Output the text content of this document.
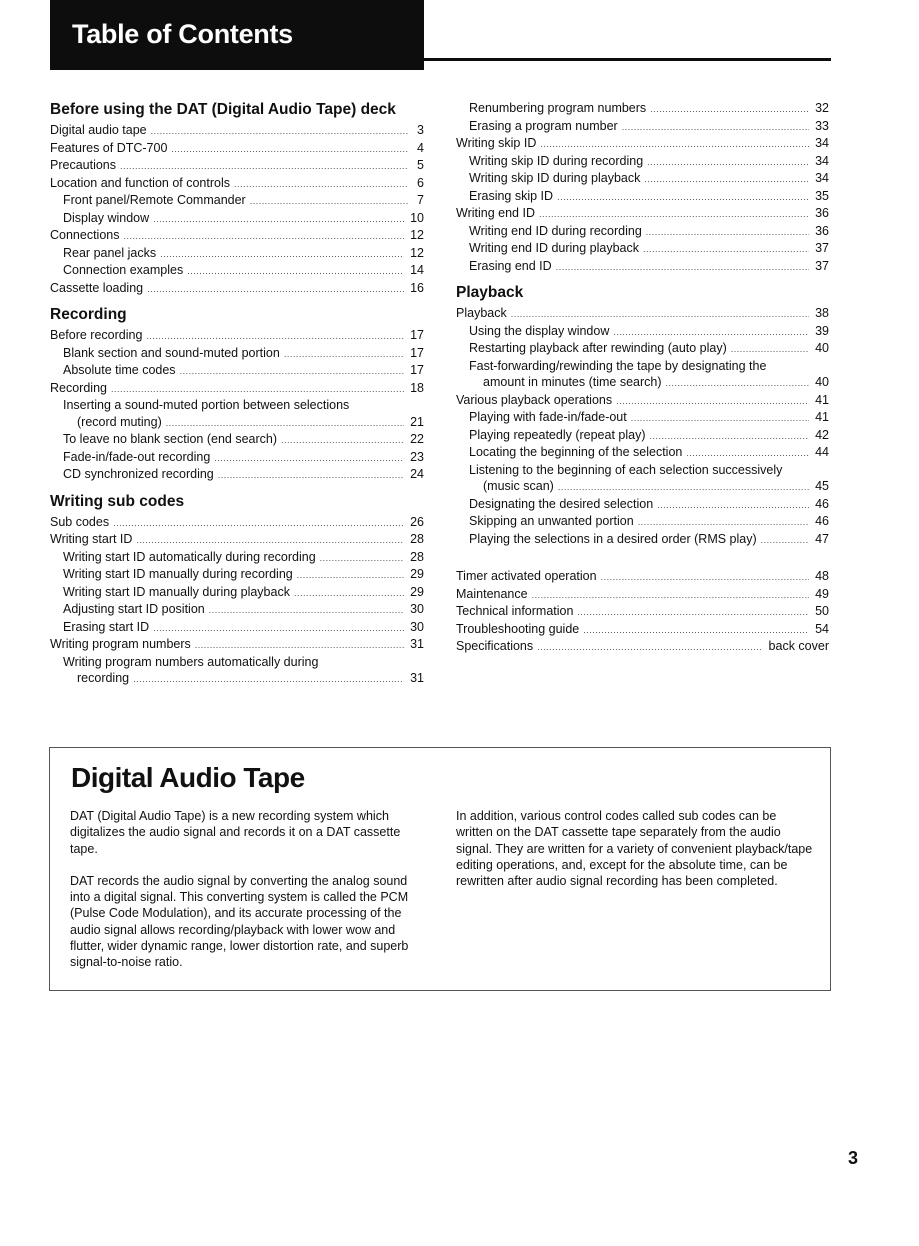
Table of Contents
Before using the DAT (Digital Audio Tape) deck
Digital audio tape .....	3
Features of DTC-700 .....	4
Precautions .....	5
Location and function of controls .....	6
Front panel/Remote Commander .....	7
Display window .....	10
Connections .....	12
Rear panel jacks .....	12
Connection examples .....	14
Cassette loading .....	16
Recording
Before recording .....	17
Blank section and sound-muted portion .....	17
Absolute time codes .....	17
Recording .....	18
Inserting a sound-muted portion between selections
(record muting) .....	21
To leave no blank section (end search) .....	22
Fade-in/fade-out recording .....	23
CD synchronized recording .....	24
Writing sub codes
Sub codes .....	26
Writing start ID .....	28
Writing start ID automatically during recording .....	28
Writing start ID manually during recording .....	29
Writing start ID manually during playback .....	29
Adjusting start ID position .....	30
Erasing start ID .....	30
Writing program numbers .....	31
Writing program numbers automatically during
recording .....	31
Renumbering program numbers .....	32
Erasing a program number .....	33
Writing skip ID .....	34
Writing skip ID during recording .....	34
Writing skip ID during playback .....	34
Erasing skip ID .....	35
Writing end ID .....	36
Writing end ID during recording .....	36
Writing end ID during playback .....	37
Erasing end ID .....	37
Playback
Playback .....	38
Using the display window .....	39
Restarting playback after rewinding (auto play) .....	40
Fast-forwarding/rewinding the tape by designating the
amount in minutes (time search) .....	40
Various playback operations .....	41
Playing with fade-in/fade-out .....	41
Playing repeatedly (repeat play) .....	42
Locating the beginning of the selection .....	44
Listening to the beginning of each selection successively
(music scan) .....	45
Designating the desired selection .....	46
Skipping an unwanted portion .....	46
Playing the selections in a desired order (RMS play) .....	47
Timer activated operation .....	48
Maintenance .....	49
Technical information .....	50
Troubleshooting guide .....	54
Specifications .....	back cover
Digital Audio Tape

DAT (Digital Audio Tape) is a new recording system which digitalizes the audio signal and records it on a DAT cassette tape.

DAT records the audio signal by converting the analog sound into a digital signal. This converting system is called the PCM (Pulse Code Modulation), and its accurate processing of the audio signal allows recording/playback with lower wow and flutter, wider dynamic range, lower distortion rate, and superb signal-to-noise ratio.

In addition, various control codes called sub codes can be written on the DAT cassette tape separately from the audio signal. They are written for a variety of convenient playback/tape editing operations, and, except for the absolute time, can be rewritten after audio signal recording has been completed.

3
